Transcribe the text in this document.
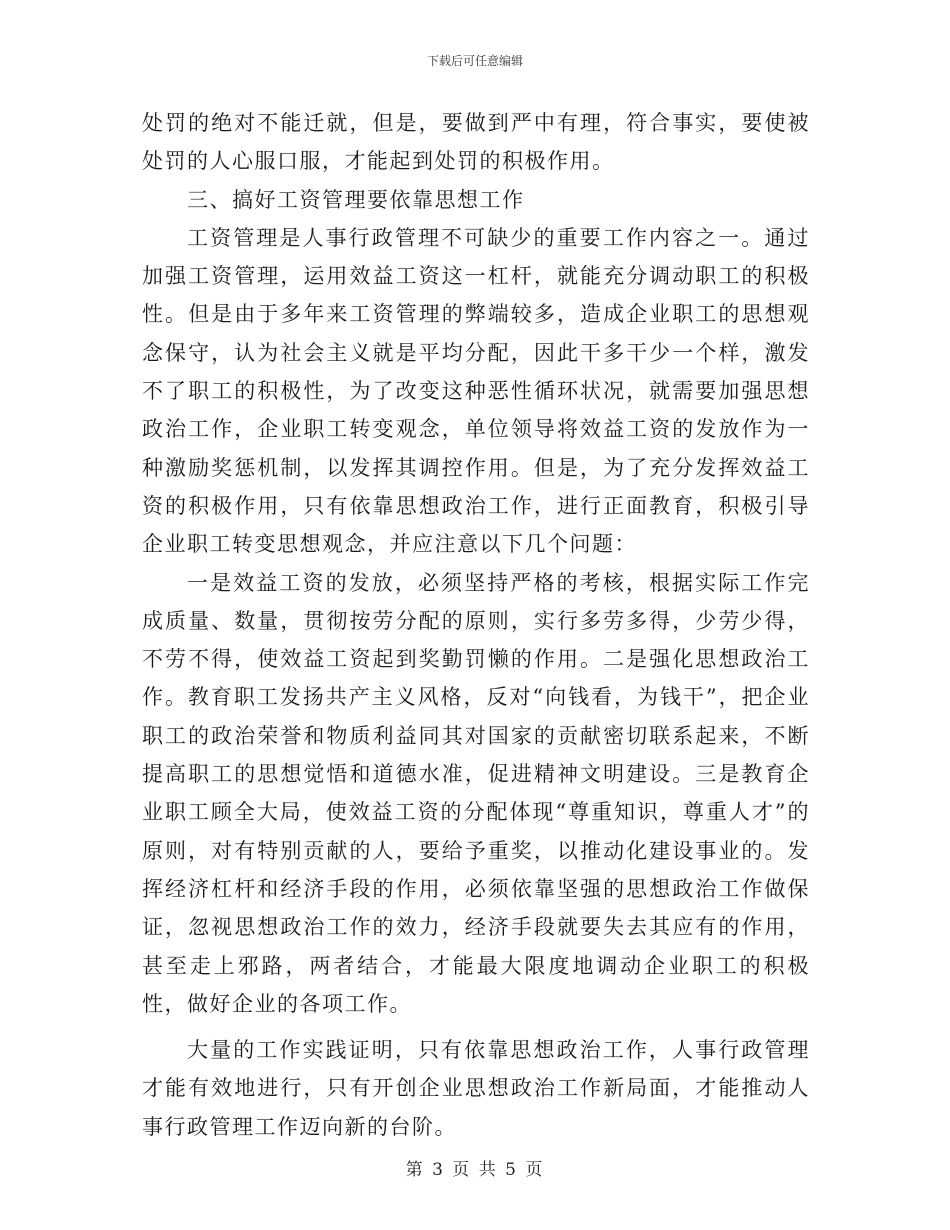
下载后可任意编辑

处罚的绝对不能迁就，但是，要做到严中有理，符合事实，要使被处罚的人心服口服，才能起到处罚的积极作用。

三、搞好工资管理要依靠思想工作

工资管理是人事行政管理不可缺少的重要工作内容之一。通过加强工资管理，运用效益工资这一杠杆，就能充分调动职工的积极性。但是由于多年来工资管理的弊端较多，造成企业职工的思想观念保守，认为社会主义就是平均分配，因此干多干少一个样，激发不了职工的积极性，为了改变这种恶性循环状况，就需要加强思想政治工作，企业职工转变观念，单位领导将效益工资的发放作为一种激励奖惩机制，以发挥其调控作用。但是，为了充分发挥效益工资的积极作用，只有依靠思想政治工作，进行正面教育，积极引导企业职工转变思想观念，并应注意以下几个问题：

一是效益工资的发放，必须坚持严格的考核，根据实际工作完成质量、数量，贯彻按劳分配的原则，实行多劳多得，少劳少得，不劳不得，使效益工资起到奖勤罚懒的作用。二是强化思想政治工作。教育职工发扬共产主义风格，反对“向钱看，为钱干”，把企业职工的政治荣誉和物质利益同其对国家的贡献密切联系起来，不断提高职工的思想觉悟和道德水准，促进精神文明建设。三是教育企业职工顾全大局，使效益工资的分配体现“尊重知识，尊重人才”的原则，对有特别贡献的人，要给予重奖，以推动化建设事业的。发挥经济杠杆和经济手段的作用，必须依靠坚强的思想政治工作做保证，忽视思想政治工作的效力，经济手段就要失去其应有的作用，甚至走上邪路，两者结合，才能最大限度地调动企业职工的积极性，做好企业的各项工作。

大量的工作实践证明，只有依靠思想政治工作，人事行政管理才能有效地进行，只有开创企业思想政治工作新局面，才能推动人事行政管理工作迈向新的台阶。

第 3 页 共 5 页
